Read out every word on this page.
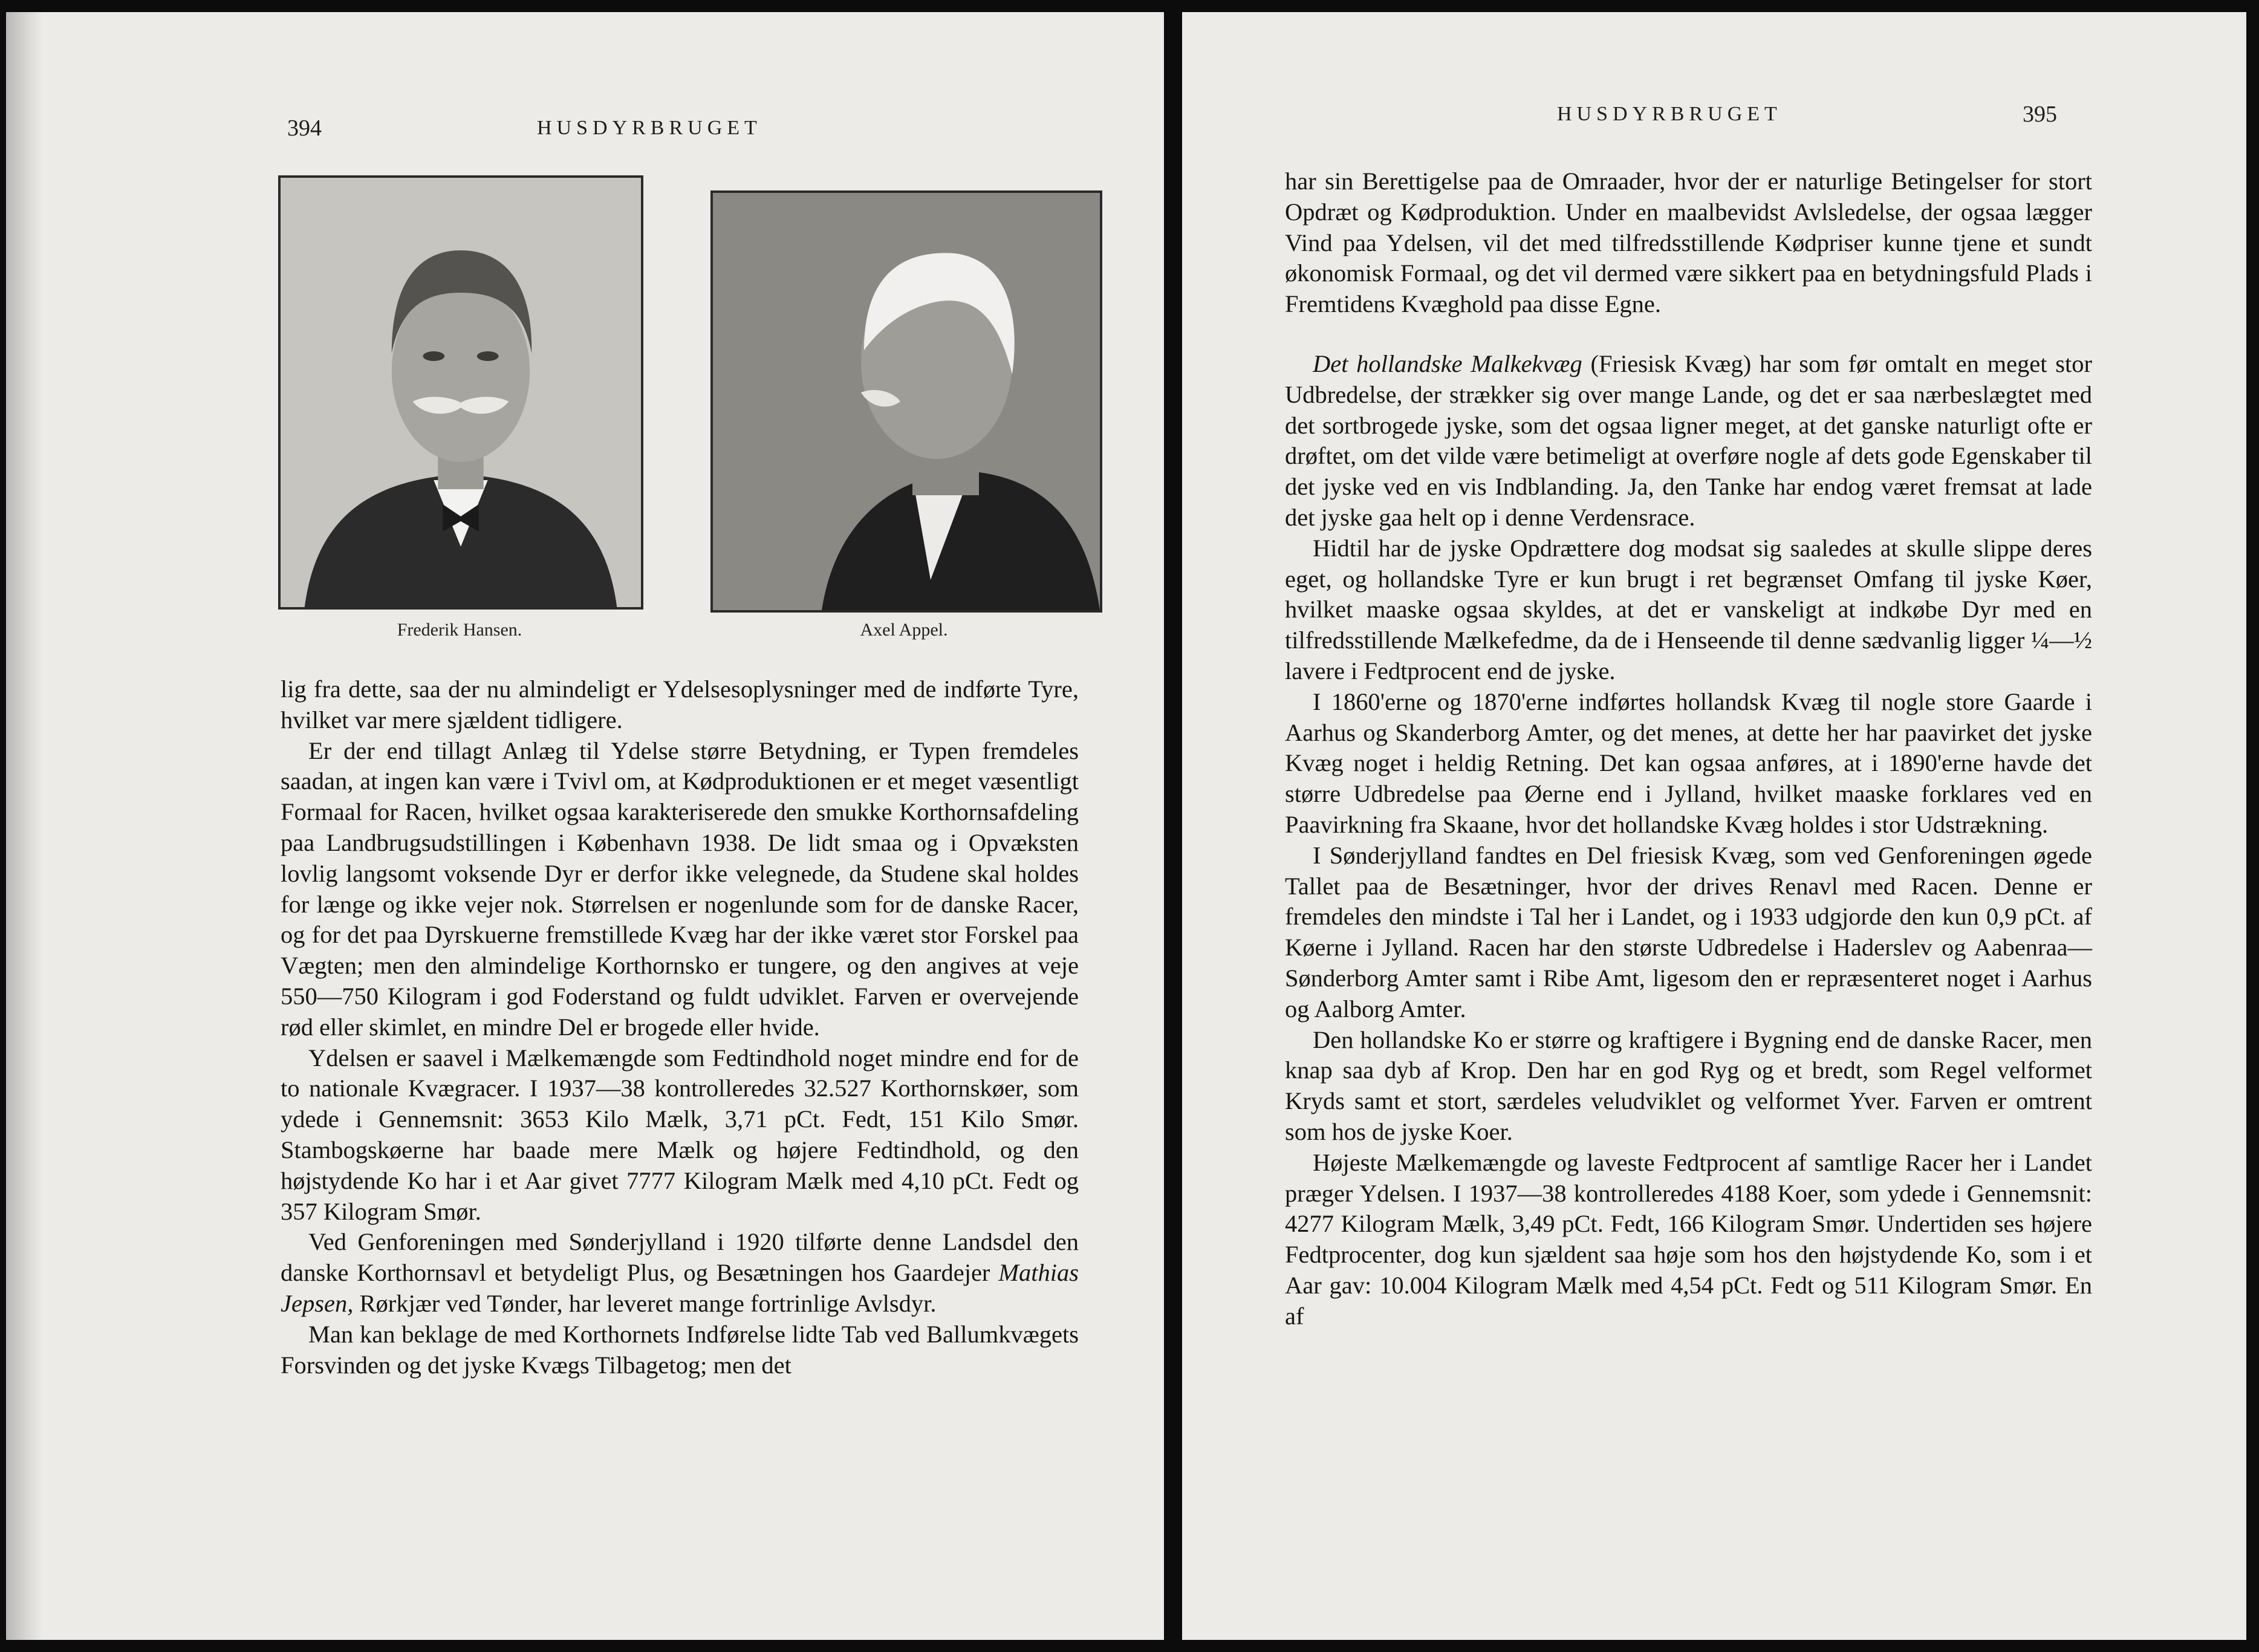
394	HUSDYRBRUGET
Frederik Hansen.	Axel Appel.

lig fra dette, saa der nu almindeligt er Ydelsesoplysninger med de indførte Tyre, hvilket var mere sjældent tidligere.

Er der end tillagt Anlæg til Ydelse større Betydning, er Typen fremdeles saadan, at ingen kan være i Tvivl om, at Kødproduktionen er et meget væsentligt Formaal for Racen, hvilket ogsaa karakteriserede den smukke Korthornsafdeling paa Landbrugsudstillingen i København 1938. De lidt smaa og i Opvæksten lovlig langsomt voksende Dyr er derfor ikke velegnede, da Studene skal holdes for længe og ikke vejer nok. Størrelsen er nogenlunde som for de danske Racer, og for det paa Dyrskuerne fremstillede Kvæg har der ikke været stor Forskel paa Vægten; men den almindelige Korthornsko er tungere, og den angives at veje 550—750 Kilogram i god Foderstand og fuldt udviklet. Farven er overvejende rød eller skimlet, en mindre Del er brogede eller hvide.

Ydelsen er saavel i Mælkemængde som Fedtindhold noget mindre end for de to nationale Kvægracer. I 1937—38 kontrolleredes 32.527 Korthornskøer, som ydede i Gennemsnit: 3653 Kilo Mælk, 3,71 pCt. Fedt, 151 Kilo Smør. Stambogskøerne har baade mere Mælk og højere Fedtindhold, og den højstydende Ko har i et Aar givet 7777 Kilogram Mælk med 4,10 pCt. Fedt og 357 Kilogram Smør.

Ved Genforeningen med Sønderjylland i 1920 tilførte denne Landsdel den danske Korthornsavl et betydeligt Plus, og Besætningen hos Gaardejer Mathias Jepsen, Rørkjær ved Tønder, har leveret mange fortrinlige Avlsdyr.

Man kan beklage de med Korthornets Indførelse lidte Tab ved Ballumkvægets Forsvinden og det jyske Kvægs Tilbagetog; men det

HUSDYRBRUGET	395

har sin Berettigelse paa de Omraader, hvor der er naturlige Betingelser for stort Opdræt og Kødproduktion. Under en maalbevidst Avlsledelse, der ogsaa lægger Vind paa Ydelsen, vil det med tilfredsstillende Kødpriser kunne tjene et sundt økonomisk Formaal, og det vil dermed være sikkert paa en betydningsfuld Plads i Fremtidens Kvæghold paa disse Egne.

Det hollandske Malkekvæg (Friesisk Kvæg) har som før omtalt en meget stor Udbredelse, der strækker sig over mange Lande, og det er saa nærbeslægtet med det sortbrogede jyske, som det ogsaa ligner meget, at det ganske naturligt ofte er drøftet, om det vilde være betimeligt at overføre nogle af dets gode Egenskaber til det jyske ved en vis Indblanding. Ja, den Tanke har endog været fremsat at lade det jyske gaa helt op i denne Verdensrace.

Hidtil har de jyske Opdrættere dog modsat sig saaledes at skulle slippe deres eget, og hollandske Tyre er kun brugt i ret begrænset Omfang til jyske Køer, hvilket maaske ogsaa skyldes, at det er vanskeligt at indkøbe Dyr med en tilfredsstillende Mælkefedme, da de i Henseende til denne sædvanlig ligger ¼—½ lavere i Fedtprocent end de jyske.

I 1860'erne og 1870'erne indførtes hollandsk Kvæg til nogle store Gaarde i Aarhus og Skanderborg Amter, og det menes, at dette her har paavirket det jyske Kvæg noget i heldig Retning. Det kan ogsaa anføres, at i 1890'erne havde det større Udbredelse paa Øerne end i Jylland, hvilket maaske forklares ved en Paavirkning fra Skaane, hvor det hollandske Kvæg holdes i stor Udstrækning.

I Sønderjylland fandtes en Del friesisk Kvæg, som ved Genforeningen øgede Tallet paa de Besætninger, hvor der drives Renavl med Racen. Denne er fremdeles den mindste i Tal her i Landet, og i 1933 udgjorde den kun 0,9 pCt. af Køerne i Jylland. Racen har den største Udbredelse i Haderslev og Aabenraa—Sønderborg Amter samt i Ribe Amt, ligesom den er repræsenteret noget i Aarhus og Aalborg Amter.

Den hollandske Ko er større og kraftigere i Bygning end de danske Racer, men knap saa dyb af Krop. Den har en god Ryg og et bredt, som Regel velformet Kryds samt et stort, særdeles veludviklet og velformet Yver. Farven er omtrent som hos de jyske Koer.

Højeste Mælkemængde og laveste Fedtprocent af samtlige Racer her i Landet præger Ydelsen. I 1937—38 kontrolleredes 4188 Koer, som ydede i Gennemsnit: 4277 Kilogram Mælk, 3,49 pCt. Fedt, 166 Kilogram Smør. Undertiden ses højere Fedtprocenter, dog kun sjældent saa høje som hos den højstydende Ko, som i et Aar gav: 10.004 Kilogram Mælk med 4,54 pCt. Fedt og 511 Kilogram Smør. En af
